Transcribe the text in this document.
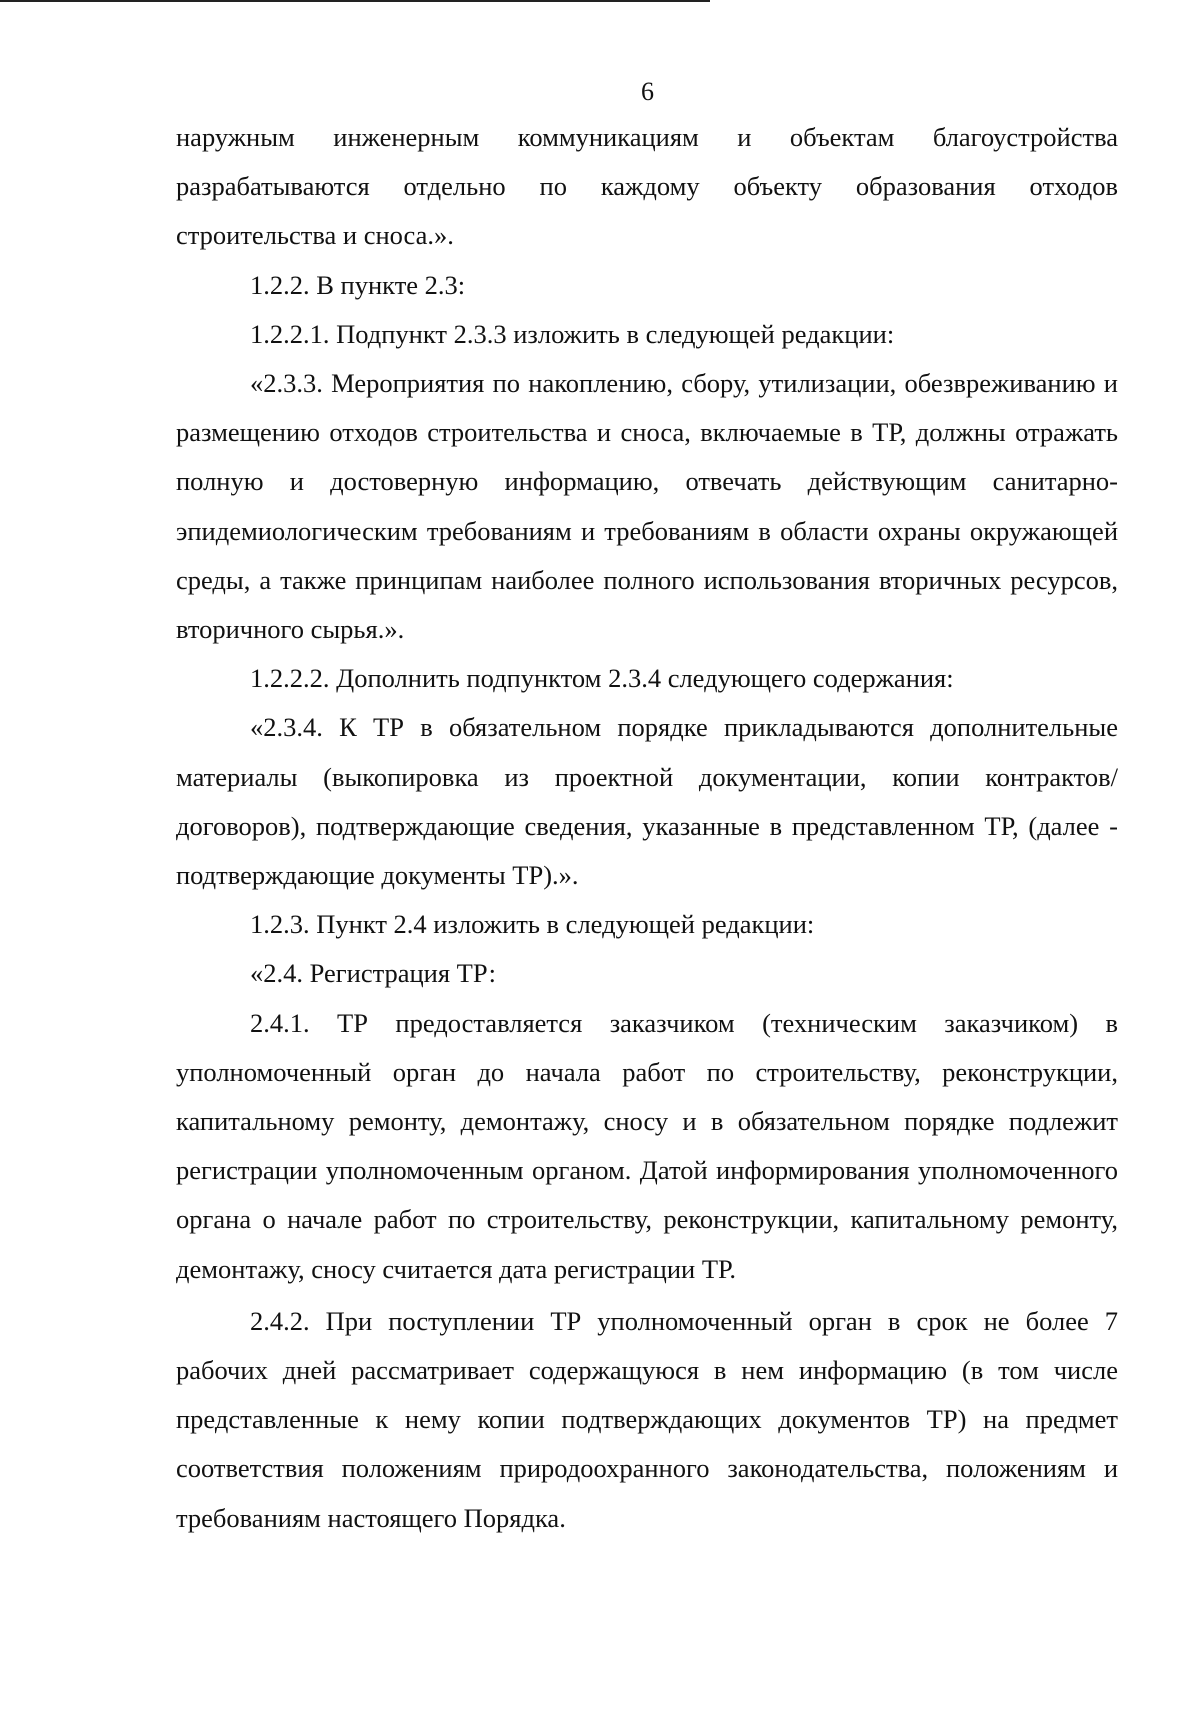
6

наружным инженерным коммуникациям и объектам благоустройства разрабатываются отдельно по каждому объекту образования отходов строительства и сноса.».

1.2.2. В пункте 2.3:

1.2.2.1. Подпункт 2.3.3 изложить в следующей редакции:

«2.3.3. Мероприятия по накоплению, сбору, утилизации, обезвреживанию и размещению отходов строительства и сноса, включаемые в ТР, должны отражать полную и достоверную информацию, отвечать действующим санитарно-эпидемиологическим требованиям и требованиям в области охраны окружающей среды, а также принципам наиболее полного использования вторичных ресурсов, вторичного сырья.».

1.2.2.2. Дополнить подпунктом 2.3.4 следующего содержания:

«2.3.4. К ТР в обязательном порядке прикладываются дополнительные материалы (выкопировка из проектной документации, копии контрактов/договоров), подтверждающие сведения, указанные в представленном ТР, (далее - подтверждающие документы ТР).».

1.2.3. Пункт 2.4 изложить в следующей редакции:

«2.4. Регистрация ТР:

2.4.1. ТР предоставляется заказчиком (техническим заказчиком) в уполномоченный орган до начала работ по строительству, реконструкции, капитальному ремонту, демонтажу, сносу и в обязательном порядке подлежит регистрации уполномоченным органом. Датой информирования уполномоченного органа о начале работ по строительству, реконструкции, капитальному ремонту, демонтажу, сносу считается дата регистрации ТР.

2.4.2. При поступлении ТР уполномоченный орган в срок не более 7 рабочих дней рассматривает содержащуюся в нем информацию (в том числе представленные к нему копии подтверждающих документов ТР) на предмет соответствия положениям природоохранного законодательства, положениям и требованиям настоящего Порядка.
